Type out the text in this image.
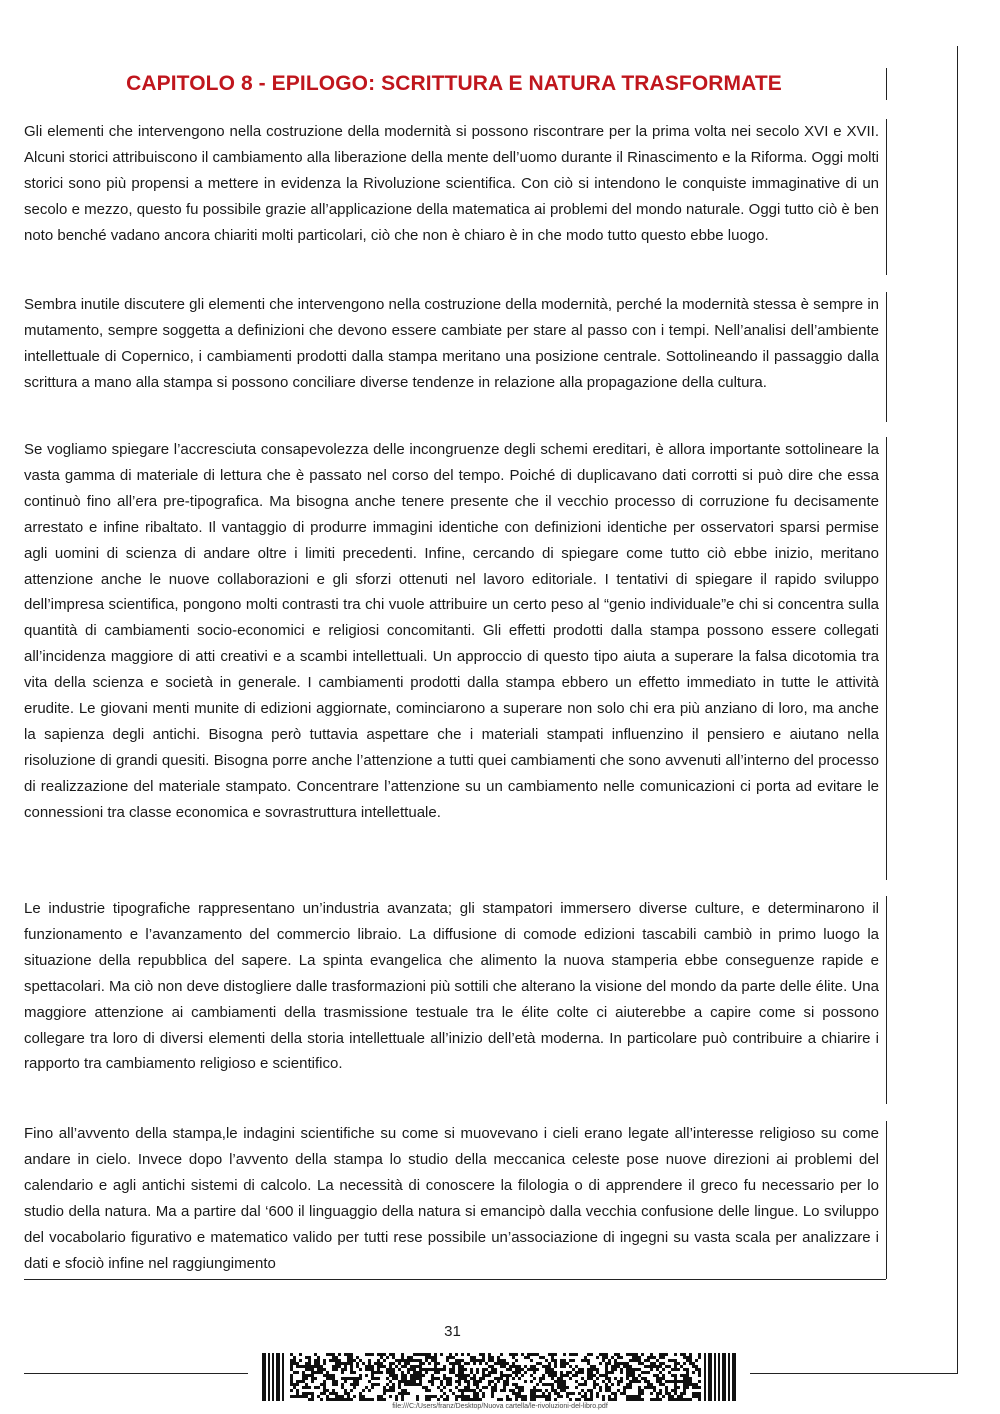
CAPITOLO 8 - EPILOGO: SCRITTURA E NATURA TRASFORMATE

Gli elementi che intervengono nella costruzione della modernità si possono riscontrare per la prima volta nei secolo XVI e XVII. Alcuni storici attribuiscono il cambiamento alla liberazione della mente dell’uomo durante il Rinascimento e la Riforma. Oggi molti storici sono più propensi a mettere in evidenza la Rivoluzione scientifica. Con ciò si intendono le conquiste immaginative di un secolo e mezzo, questo fu possibile grazie all’applicazione della matematica ai problemi del mondo naturale. Oggi tutto ciò è ben noto benché vadano ancora chiariti molti particolari, ciò che non è chiaro è in che modo tutto questo ebbe luogo.

Sembra inutile discutere gli elementi che intervengono nella costruzione della modernità, perché la modernità stessa è sempre in mutamento, sempre soggetta a definizioni che devono essere cambiate per stare al passo con i tempi. Nell’analisi dell’ambiente intellettuale di Copernico, i cambiamenti prodotti dalla stampa meritano una posizione centrale. Sottolineando il passaggio dalla scrittura a mano alla stampa si possono conciliare diverse tendenze in relazione alla propagazione della cultura.

Se vogliamo spiegare l’accresciuta consapevolezza delle incongruenze degli schemi ereditari, è allora importante sottolineare la vasta gamma di materiale di lettura che è passato nel corso del tempo. Poiché di duplicavano dati corrotti si può dire che essa continuò fino all’era pre-tipografica. Ma bisogna anche tenere presente che il vecchio processo di corruzione fu decisamente arrestato e infine ribaltato. Il vantaggio di produrre immagini identiche con definizioni identiche per osservatori sparsi permise agli uomini di scienza di andare oltre i limiti precedenti. Infine, cercando di spiegare come tutto ciò ebbe inizio, meritano attenzione anche le nuove collaborazioni e gli sforzi ottenuti nel lavoro editoriale. I tentativi di spiegare il rapido sviluppo dell’impresa scientifica, pongono molti contrasti tra chi vuole attribuire un certo peso al “genio individuale”e chi si concentra sulla quantità di cambiamenti socio-economici e religiosi concomitanti. Gli effetti prodotti dalla stampa possono essere collegati all’incidenza maggiore di atti creativi e a scambi intellettuali. Un approccio di questo tipo aiuta a superare la falsa dicotomia tra vita della scienza e società in generale. I cambiamenti prodotti dalla stampa ebbero un effetto immediato in tutte le attività erudite. Le giovani menti munite di edizioni aggiornate, cominciarono a superare non solo chi era più anziano di loro, ma anche la sapienza degli antichi. Bisogna però tuttavia aspettare che i materiali stampati influenzino il pensiero e aiutano nella risoluzione di grandi quesiti. Bisogna porre anche l’attenzione a tutti quei cambiamenti che sono avvenuti all’interno del processo di realizzazione del materiale stampato. Concentrare l’attenzione su un cambiamento nelle comunicazioni ci porta ad evitare le connessioni tra classe economica e sovrastruttura intellettuale.

Le industrie tipografiche rappresentano un’industria avanzata; gli stampatori immersero diverse culture, e determinarono il funzionamento e l’avanzamento del commercio libraio. La diffusione di comode edizioni tascabili cambiò in primo luogo la situazione della repubblica del sapere. La spinta evangelica che alimento la nuova stamperia ebbe conseguenze rapide e spettacolari. Ma ciò non deve distogliere dalle trasformazioni più sottili che alterano la visione del mondo da parte delle élite. Una maggiore attenzione ai cambiamenti della trasmissione testuale tra le élite colte ci aiuterebbe a capire come si possono collegare tra loro di diversi elementi della storia intellettuale all’inizio dell’età moderna. In particolare può contribuire a chiarire i rapporto tra cambiamento religioso e scientifico.

Fino all’avvento della stampa,le indagini scientifiche su come si muovevano i cieli erano legate all’interesse religioso su come andare in cielo. Invece dopo l’avvento della stampa lo studio della meccanica celeste pose nuove direzioni ai problemi del calendario e agli antichi sistemi di calcolo. La necessità di conoscere la filologia o di apprendere il greco fu necessario per lo studio della natura. Ma a partire dal ‘600 il linguaggio della natura si emancipò dalla vecchia confusione delle lingue. Lo sviluppo del vocabolario figurativo e matematico valido per tutti rese possibile un’associazione di ingegni su vasta scala per analizzare i dati e sfociò infine nel raggiungimento

31

file:///C:/Users/franz/Desktop/Nuova cartella/le-rivoluzioni-del-libro.pdf
